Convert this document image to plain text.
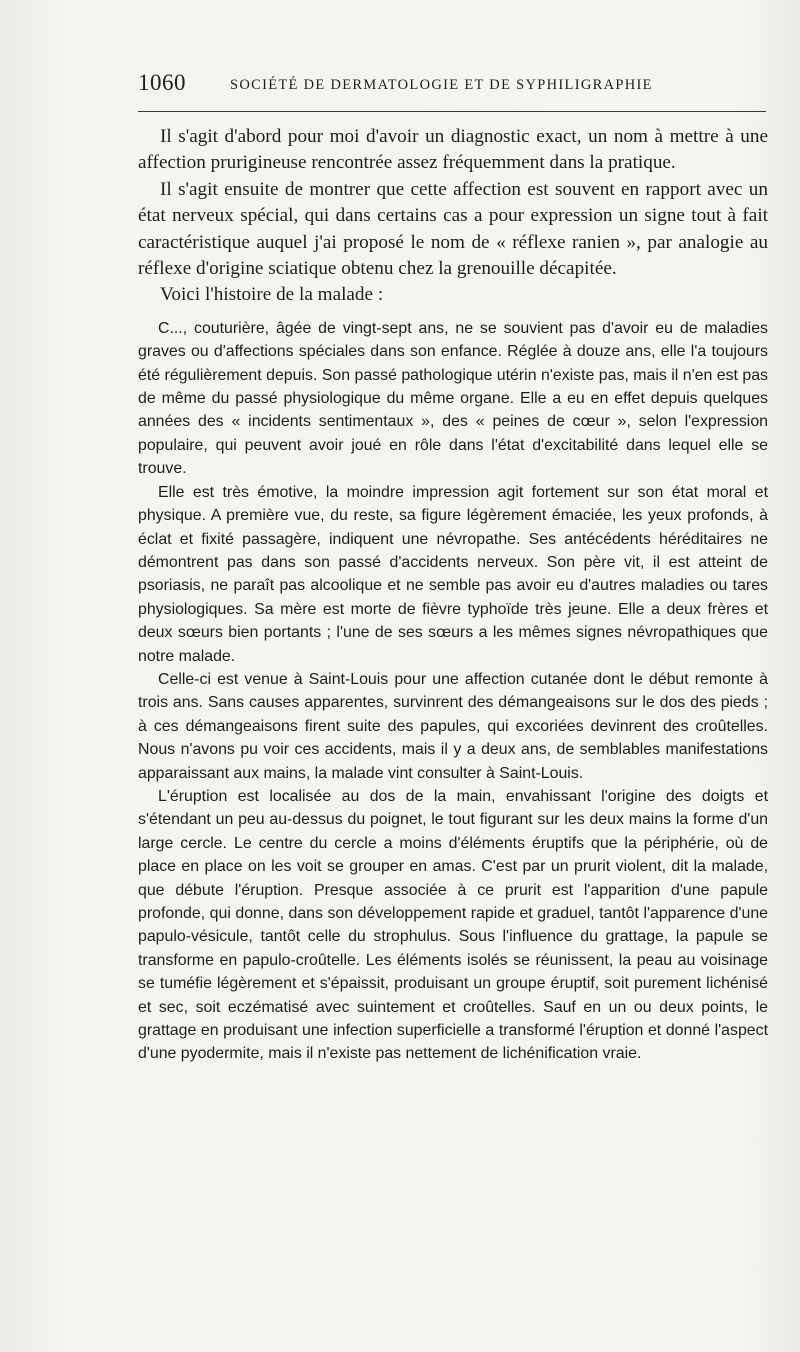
1060	SOCIÉTÉ DE DERMATOLOGIE ET DE SYPHILIGRAPHIE

Il s'agit d'abord pour moi d'avoir un diagnostic exact, un nom à mettre à une affection prurigineuse rencontrée assez fréquemment dans la pratique.

Il s'agit ensuite de montrer que cette affection est souvent en rapport avec un état nerveux spécial, qui dans certains cas a pour expression un signe tout à fait caractéristique auquel j'ai proposé le nom de « réflexe ranien », par analogie au réflexe d'origine sciatique obtenu chez la grenouille décapitée.

Voici l'histoire de la malade :

C..., couturière, âgée de vingt-sept ans, ne se souvient pas d'avoir eu de maladies graves ou d'affections spéciales dans son enfance. Réglée à douze ans, elle l'a toujours été régulièrement depuis. Son passé pathologique utérin n'existe pas, mais il n'en est pas de même du passé physiologique du même organe. Elle a eu en effet depuis quelques années des « incidents sentimentaux », des « peines de cœur », selon l'expression populaire, qui peuvent avoir joué en rôle dans l'état d'excitabilité dans lequel elle se trouve.

Elle est très émotive, la moindre impression agit fortement sur son état moral et physique. A première vue, du reste, sa figure légèrement émaciée, les yeux profonds, à éclat et fixité passagère, indiquent une névropathe. Ses antécédents héréditaires ne démontrent pas dans son passé d'accidents nerveux. Son père vit, il est atteint de psoriasis, ne paraît pas alcoolique et ne semble pas avoir eu d'autres maladies ou tares physiologiques. Sa mère est morte de fièvre typhoïde très jeune. Elle a deux frères et deux sœurs bien portants ; l'une de ses sœurs a les mêmes signes névropathiques que notre malade.

Celle-ci est venue à Saint-Louis pour une affection cutanée dont le début remonte à trois ans. Sans causes apparentes, survinrent des démangeaisons sur le dos des pieds ; à ces démangeaisons firent suite des papules, qui excoriées devinrent des croûtelles. Nous n'avons pu voir ces accidents, mais il y a deux ans, de semblables manifestations apparaissant aux mains, la malade vint consulter à Saint-Louis.

L'éruption est localisée au dos de la main, envahissant l'origine des doigts et s'étendant un peu au-dessus du poignet, le tout figurant sur les deux mains la forme d'un large cercle. Le centre du cercle a moins d'éléments éruptifs que la périphérie, où de place en place on les voit se grouper en amas. C'est par un prurit violent, dit la malade, que débute l'éruption. Presque associée à ce prurit est l'apparition d'une papule profonde, qui donne, dans son développement rapide et graduel, tantôt l'apparence d'une papulo-vésicule, tantôt celle du strophulus. Sous l'influence du grattage, la papule se transforme en papulo-croûtelle. Les éléments isolés se réunissent, la peau au voisinage se tuméfie légèrement et s'épaissit, produisant un groupe éruptif, soit purement lichénisé et sec, soit eczématisé avec suintement et croûtelles. Sauf en un ou deux points, le grattage en produisant une infection superficielle a transformé l'éruption et donné l'aspect d'une pyodermite, mais il n'existe pas nettement de lichénification vraie.
